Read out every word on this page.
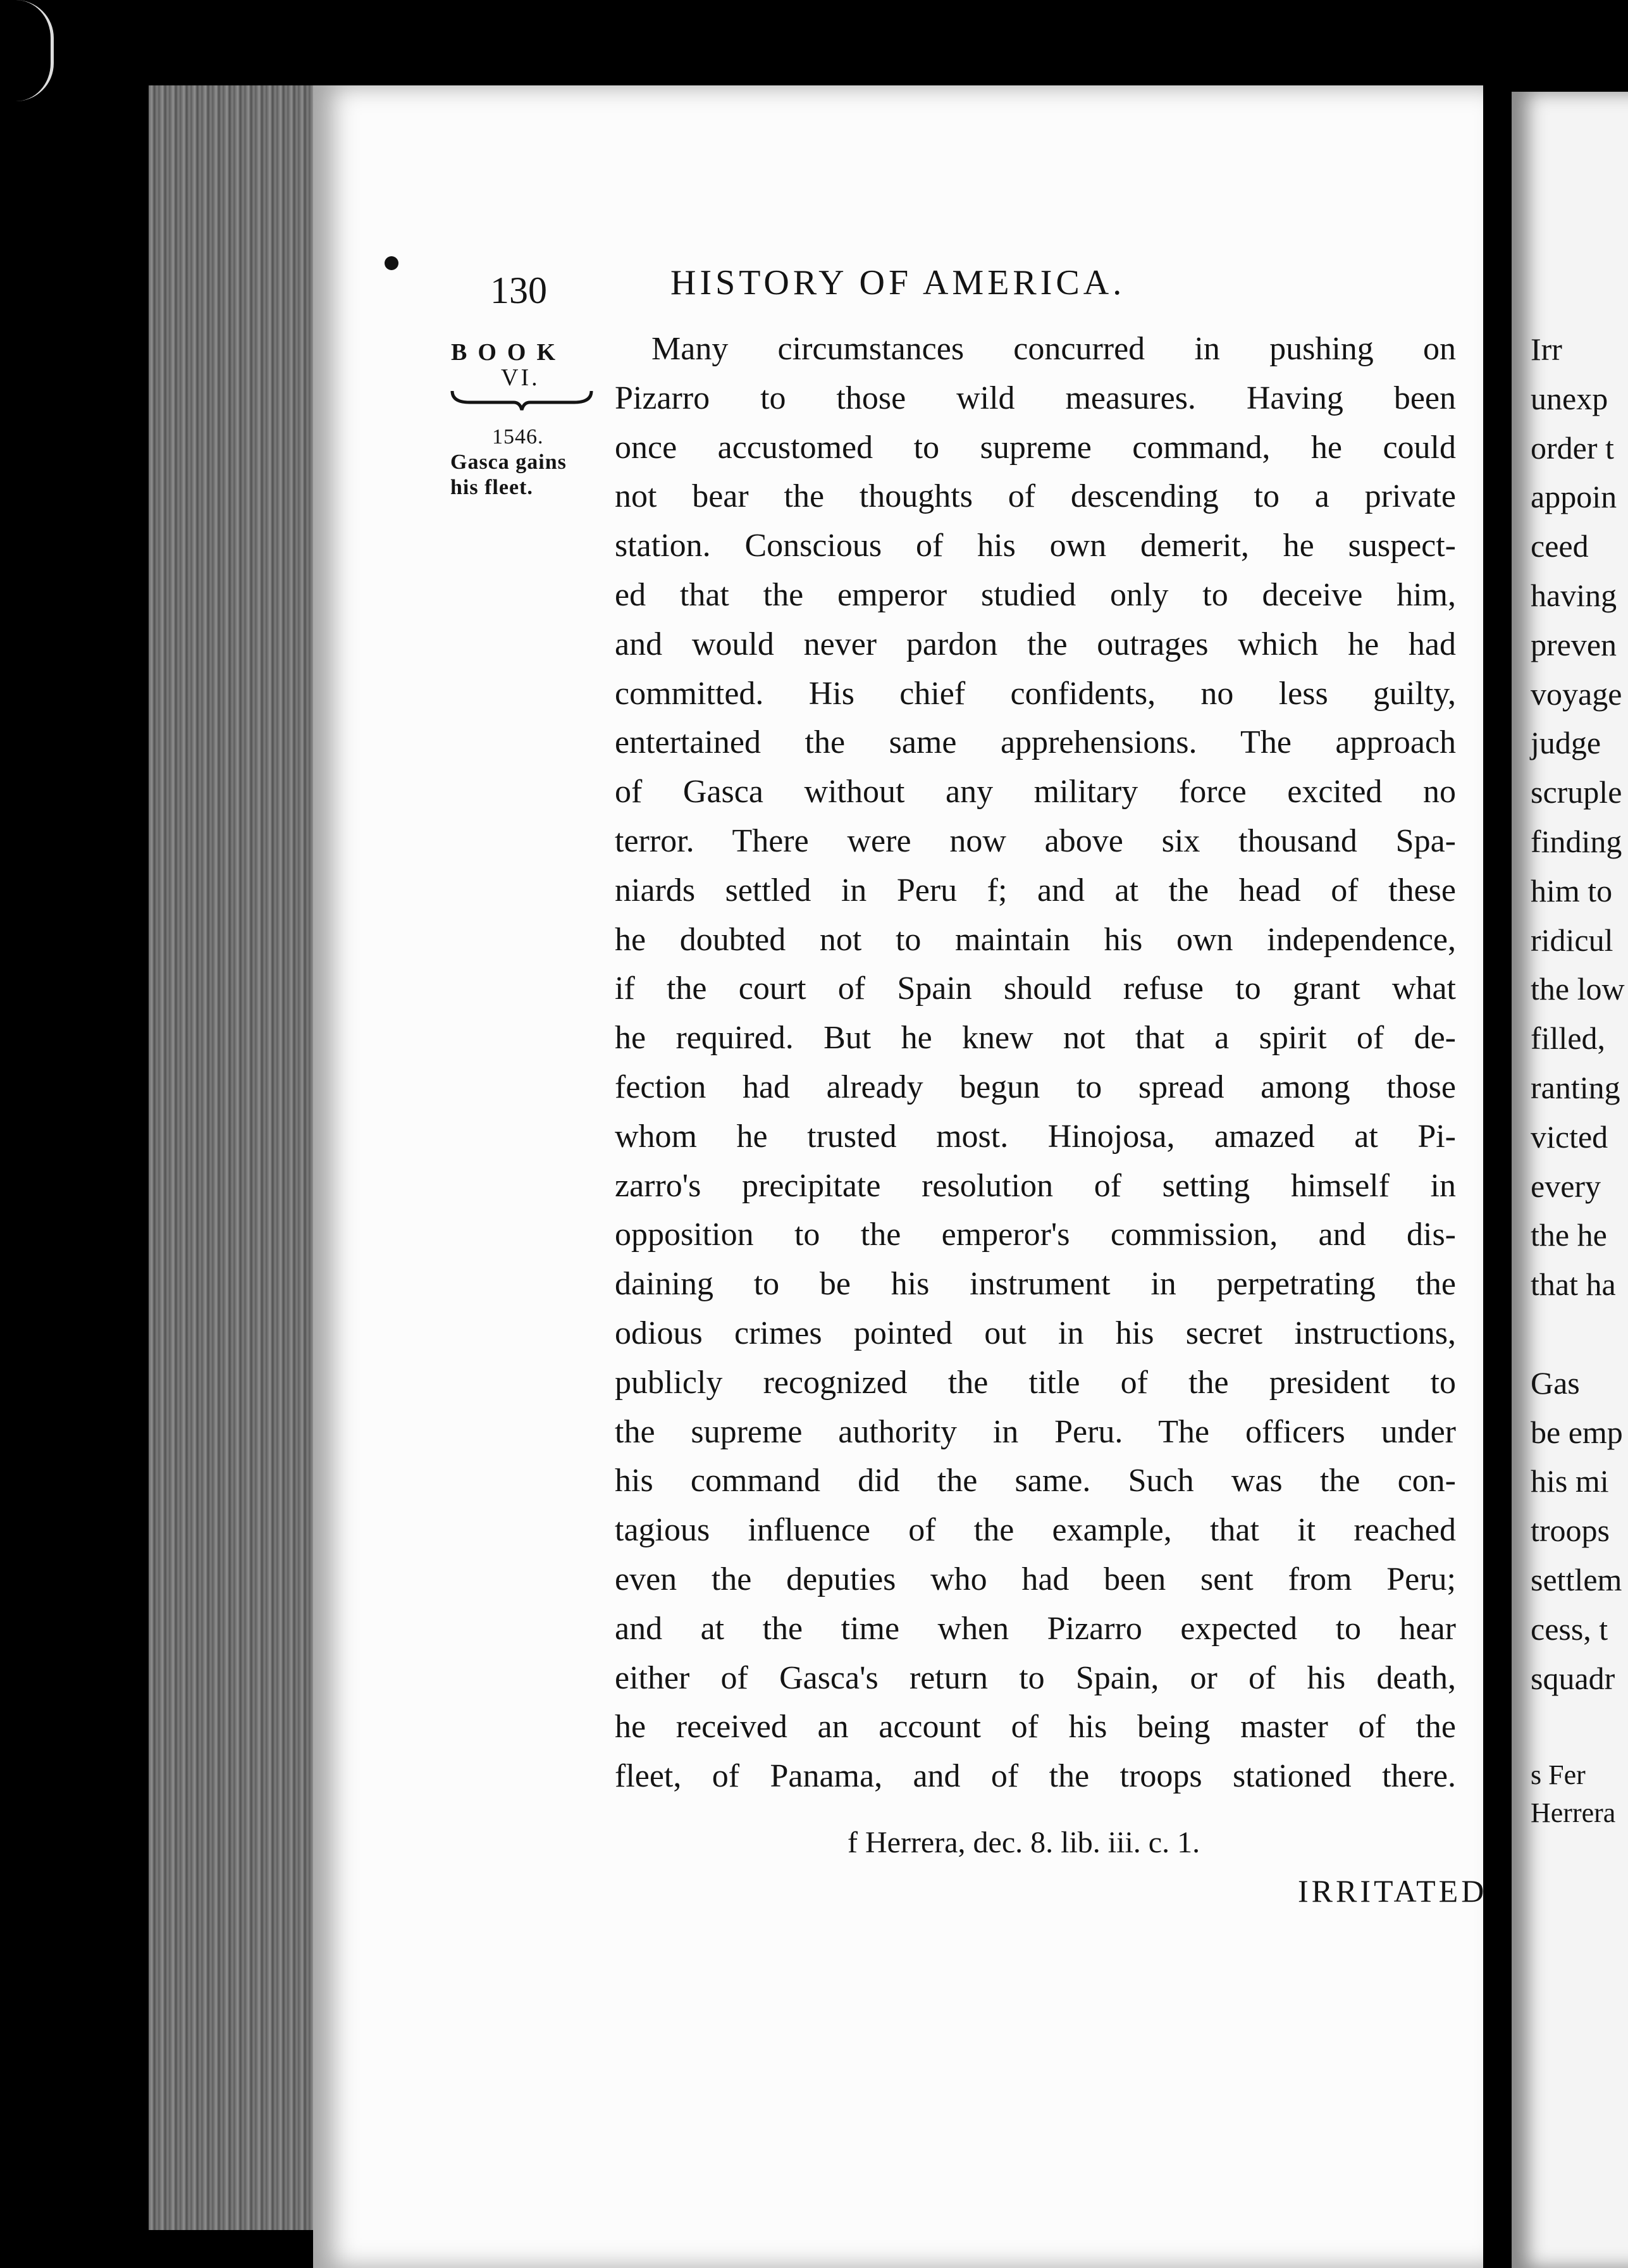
130	HISTORY OF AMERICA.
BOOK
VI.
1546.
Gasca gains
his fleet.
Many circumstances concurred in pushing on
Pizarro to those wild measures. Having been
once accustomed to supreme command, he could
not bear the thoughts of descending to a private
station. Conscious of his own demerit, he suspect-
ed that the emperor studied only to deceive him,
and would never pardon the outrages which he had
committed. His chief confidents, no less guilty,
entertained the same apprehensions. The approach
of Gasca without any military force excited no
terror. There were now above six thousand Spa-
niards settled in Peru f; and at the head of these
he doubted not to maintain his own independence,
if the court of Spain should refuse to grant what
he required. But he knew not that a spirit of de-
fection had already begun to spread among those
whom he trusted most. Hinojosa, amazed at Pi-
zarro's precipitate resolution of setting himself in
opposition to the emperor's commission, and dis-
daining to be his instrument in perpetrating the
odious crimes pointed out in his secret instructions,
publicly recognized the title of the president to
the supreme authority in Peru. The officers under
his command did the same. Such was the con-
tagious influence of the example, that it reached
even the deputies who had been sent from Peru;
and at the time when Pizarro expected to hear
either of Gasca's return to Spain, or of his death,
he received an account of his being master of the
fleet, of Panama, and of the troops stationed there.
f Herrera, dec. 8. lib. iii. c. 1.
IRRITATED
Irr
unexp
order t
appoin
ceed
having
preven
voyage
judge
scruple
finding
him to
ridicul
the low
filled,
ranting
victed
every
the he
that ha
Gas
be emp
his mi
troops
settlem
cess, t
squadr
s Fer
Herrera
